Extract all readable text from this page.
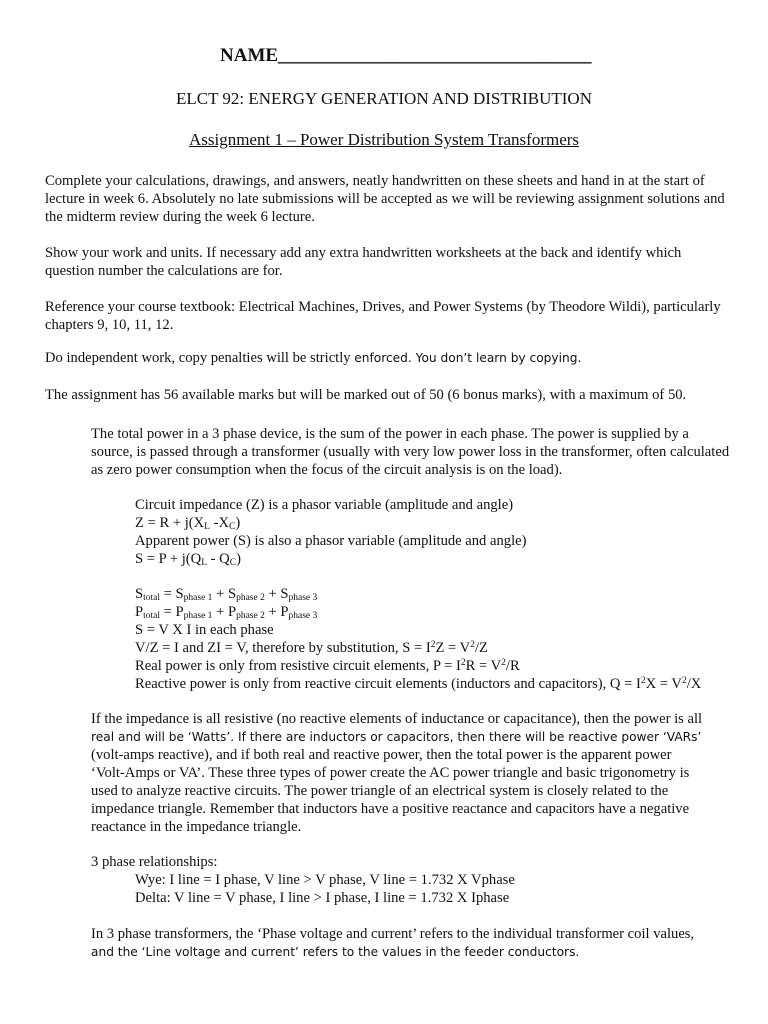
NAME_________________________________
ELCT 92: ENERGY GENERATION AND DISTRIBUTION
Assignment 1 – Power Distribution System Transformers
Complete your calculations, drawings, and answers, neatly handwritten on these sheets and hand in at the start of lecture in week 6. Absolutely no late submissions will be accepted as we will be reviewing assignment solutions and the midterm review during the week 6 lecture.
Show your work and units. If necessary add any extra handwritten worksheets at the back and identify which question number the calculations are for.
Reference your course textbook: Electrical Machines, Drives, and Power Systems (by Theodore Wildi), particularly chapters 9, 10, 11, 12.
Do independent work, copy penalties will be strictly enforced. You don’t learn by copying.
The assignment has 56 available marks but will be marked out of 50 (6 bonus marks), with a maximum of 50.
The total power in a 3 phase device, is the sum of the power in each phase. The power is supplied by a source, is passed through a transformer (usually with very low power loss in the transformer, often calculated as zero power consumption when the focus of the circuit analysis is on the load).
Circuit impedance (Z) is a phasor variable (amplitude and angle)
$Z = R + j(X_L$ $-X_C$)
Apparent power (S) is also a phasor variable (amplitude and angle)
$S = P + j(Q_L - Q_C)$
$S_{total} = S_{phase 1} + S_{phase 2} + S_{phase 3}$
$P_{total} = P_{phase 1} + P_{phase 2} + P_{phase 3}$
S = V X I in each phase
V/Z = I and ZI = V, therefore by substitution, $S = I^2Z = V^2/Z$
Real power is only from resistive circuit elements, $P = I^2R = V^2/R$
Reactive power is only from reactive circuit elements (inductors and capacitors), $Q = I^2X = V^2/X$
If the impedance is all resistive (no reactive elements of inductance or capacitance), then the power is all
real and will be ‘Watts’. If there are inductors or capacitors, then there will be reactive power ‘VARs’
(volt-amps reactive), and if both real and reactive power, then the total power is the apparent power
‘Volt-Amps or VA’. These three types of power create the AC power triangle and basic trigonometry is
used to analyze reactive circuits. The power triangle of an electrical system is closely related to the
impedance triangle. Remember that inductors have a positive reactance and capacitors have a negative
reactance in the impedance triangle.
3 phase relationships:
Wye: I line = I phase, V line > V phase, V line = 1.732 X Vphase
Delta: V line = V phase, I line > I phase, I line = 1.732 X Iphase
In 3 phase transformers, the ‘Phase voltage and current’ refers to the individual transformer coil values,
and the ‘Line voltage and current’ refers to the values in the feeder conductors.
